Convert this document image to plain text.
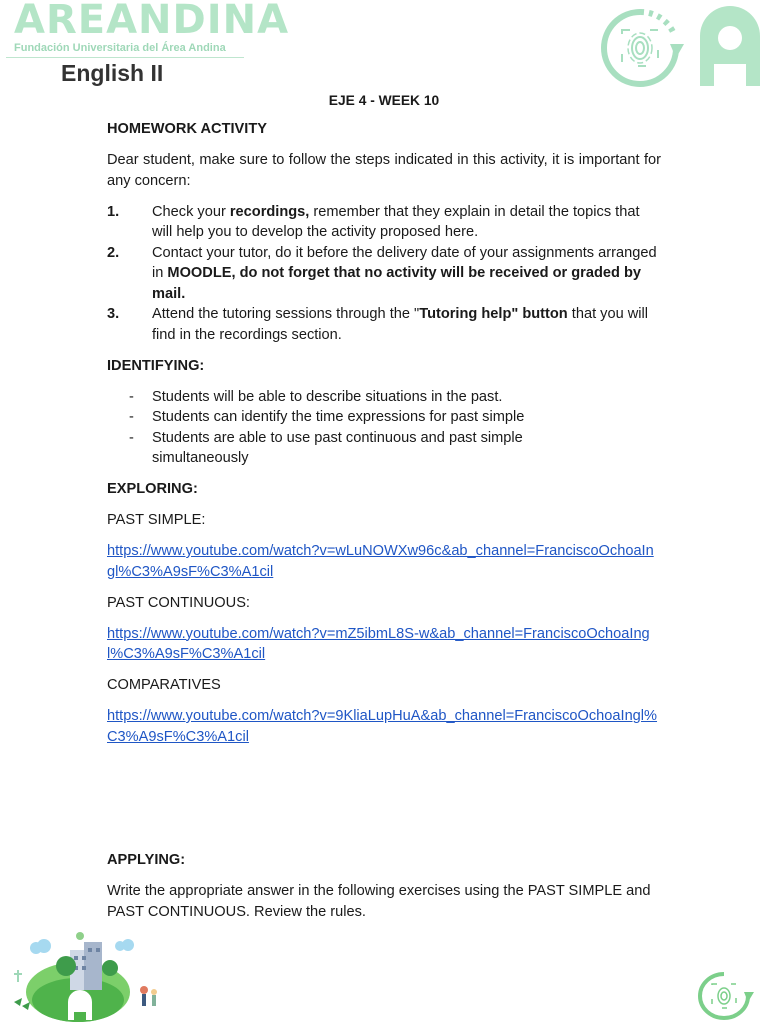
AREANDINA
Fundación Universitaria del Área Andina
English II
EJE 4 - WEEK 10
HOMEWORK ACTIVITY
Dear student, make sure to follow the steps indicated in this activity, it is important for any concern:
1.	Check your recordings, remember that they explain in detail the topics that will help you to develop the activity proposed here.
2.	Contact your tutor, do it before the delivery date of your assignments arranged in MOODLE, do not forget that no activity will be received or graded by mail.
3.	Attend the tutoring sessions through the "Tutoring help" button that you will find in the recordings section.
IDENTIFYING:
-	Students will be able to describe situations in the past.
-	Students can identify the time expressions for past simple
-	Students are able to use past continuous and past simple simultaneously
EXPLORING:
PAST SIMPLE:
https://www.youtube.com/watch?v=wLuNOWXw96c&ab_channel=FranciscoOchoaIngl%C3%A9sF%C3%A1cil
PAST CONTINUOUS:
https://www.youtube.com/watch?v=mZ5ibmL8S-w&ab_channel=FranciscoOchoaIngl%C3%A9sF%C3%A1cil
COMPARATIVES
https://www.youtube.com/watch?v=9KliaLupHuA&ab_channel=FranciscoOchoaIngl%C3%A9sF%C3%A1cil
APPLYING:
Write the appropriate answer in the following exercises using the PAST SIMPLE and PAST CONTINUOUS. Review the rules.
